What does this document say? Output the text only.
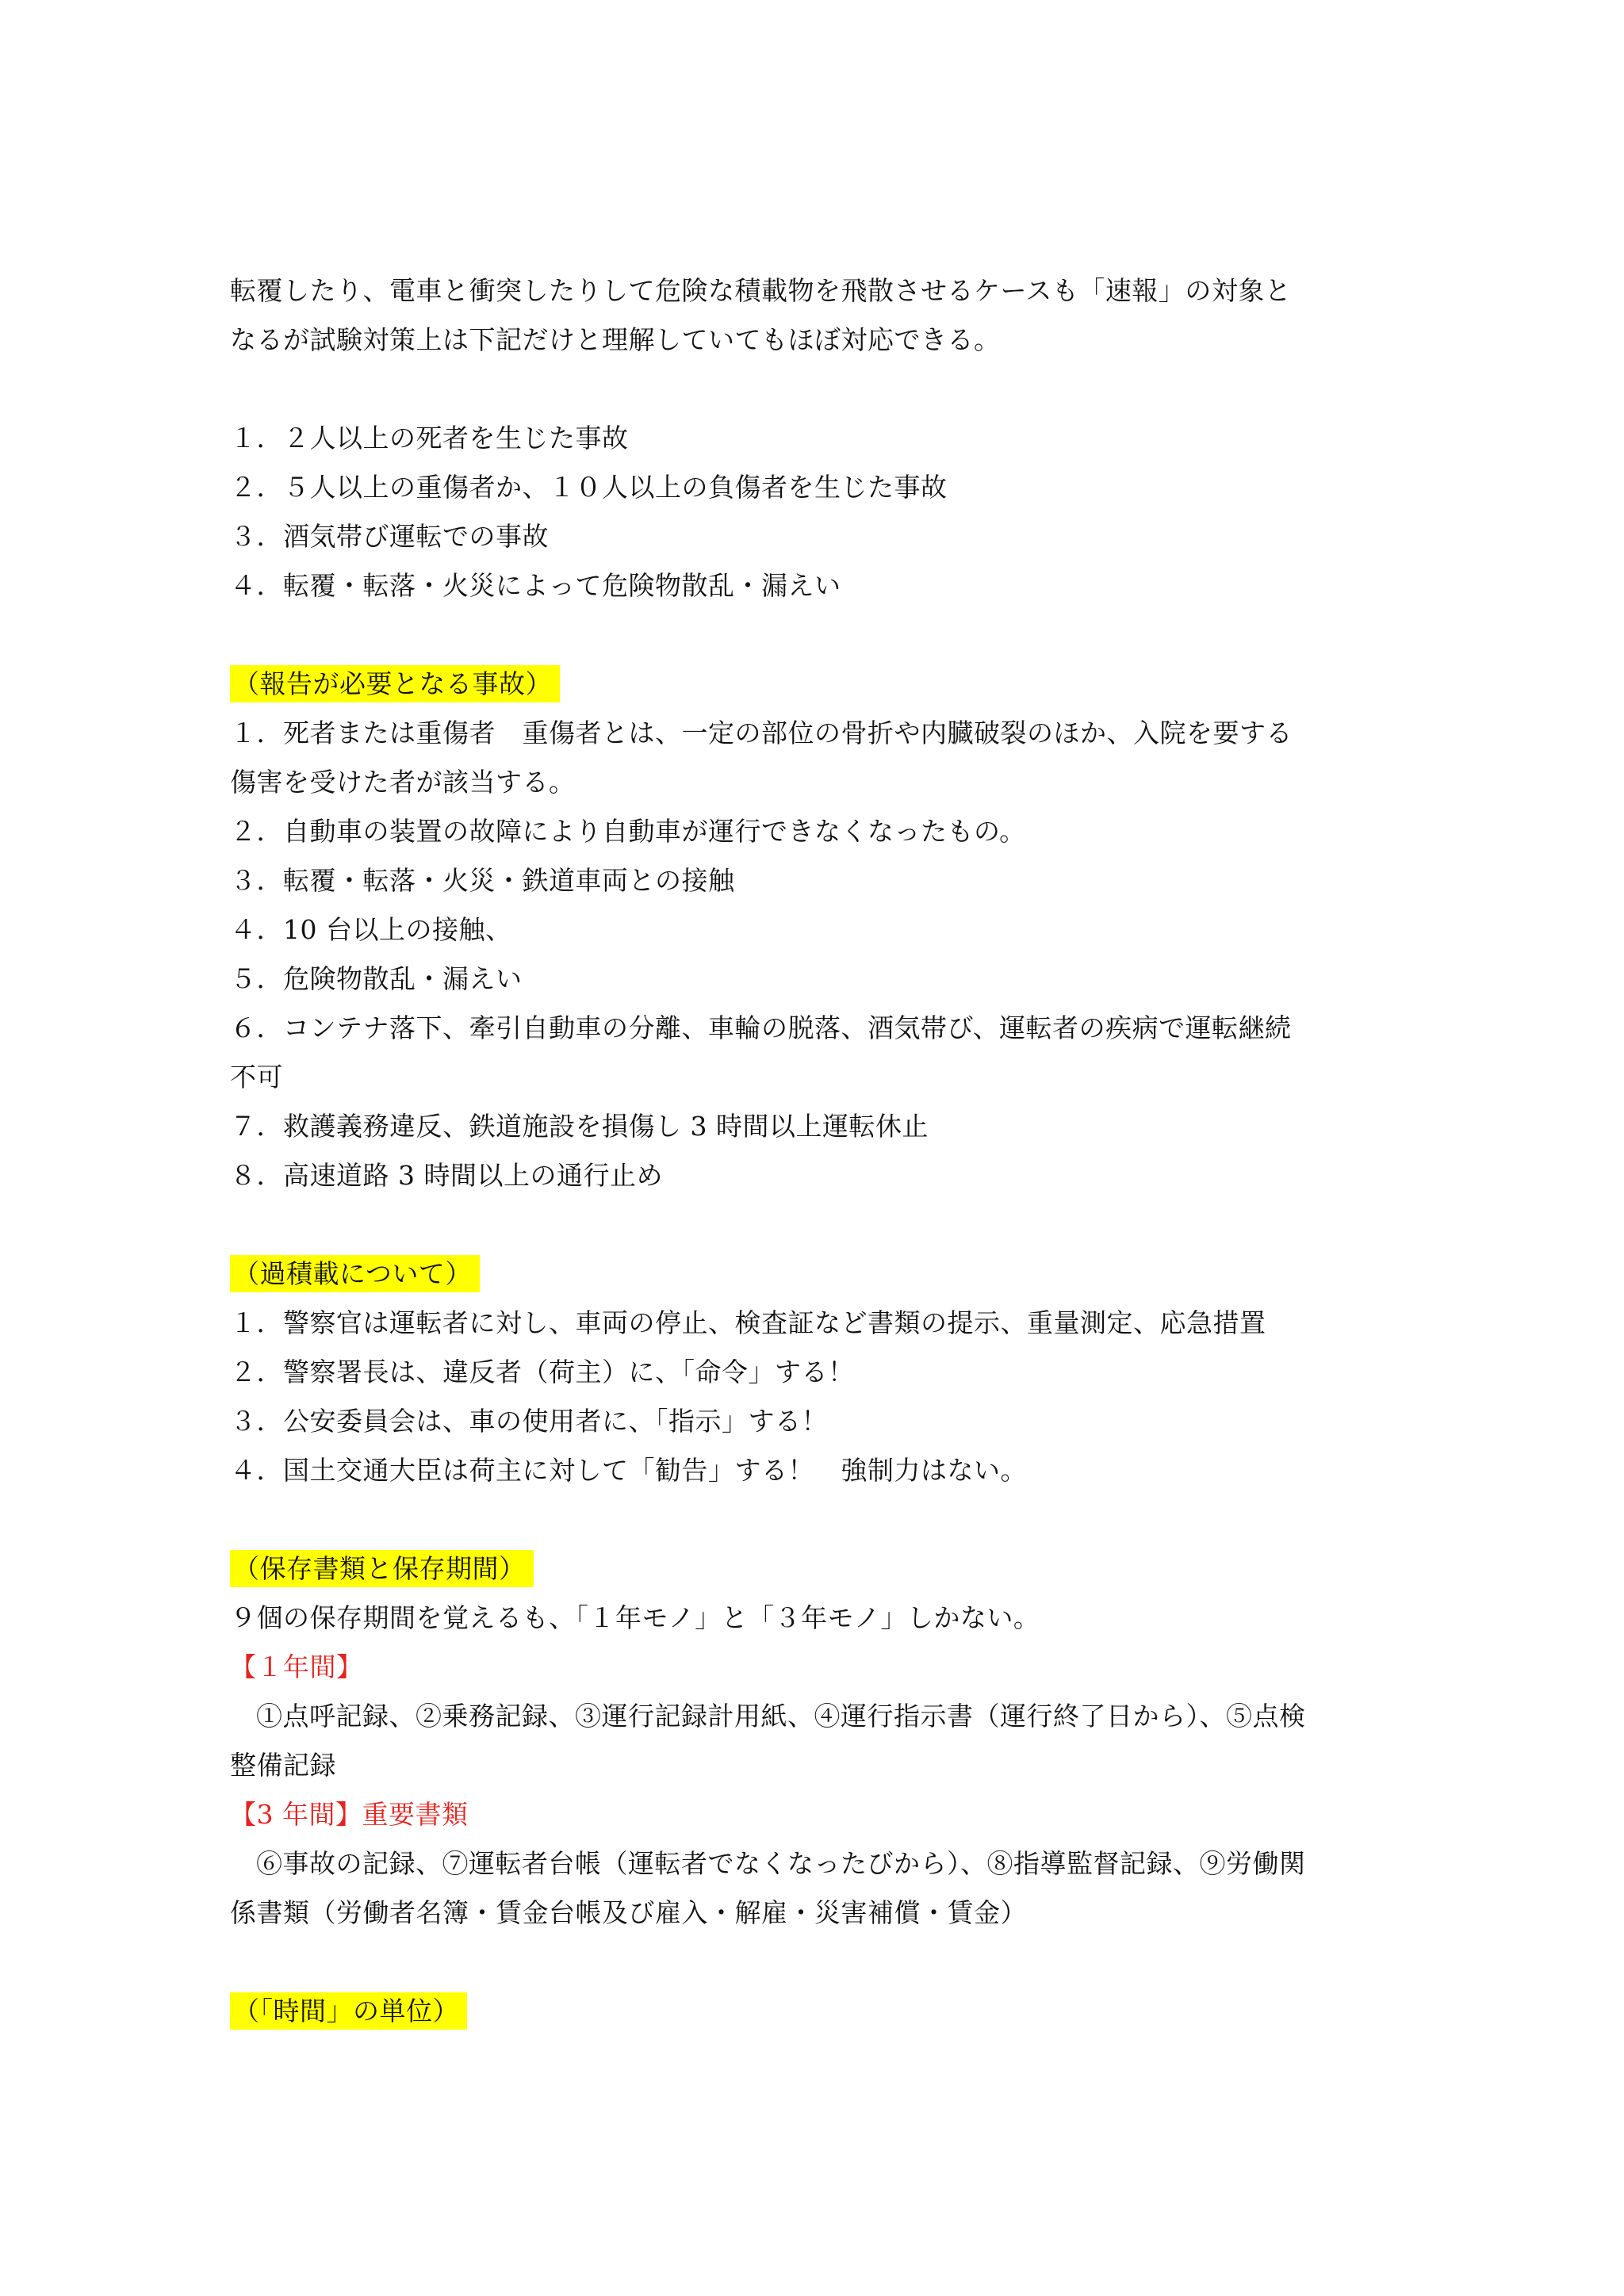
転覆したり、電車と衝突したりして危険な積載物を飛散させるケースも「速報」の対象と
なるが試験対策上は下記だけと理解していてもほぼ対応できる。
１．２人以上の死者を生じた事故
２．５人以上の重傷者か、１０人以上の負傷者を生じた事故
３．酒気帯び運転での事故
４．転覆・転落・火災によって危険物散乱・漏えい
（報告が必要となる事故）
１．死者または重傷者　重傷者とは、一定の部位の骨折や内臓破裂のほか、入院を要する
傷害を受けた者が該当する。
２．自動車の装置の故障により自動車が運行できなくなったもの。
３．転覆・転落・火災・鉄道車両との接触
４．10 台以上の接触、
５．危険物散乱・漏えい
６．コンテナ落下、牽引自動車の分離、車輪の脱落、酒気帯び、運転者の疾病で運転継続
不可
７．救護義務違反、鉄道施設を損傷し 3 時間以上運転休止
８．高速道路 3 時間以上の通行止め
（過積載について）
１．警察官は運転者に対し、車両の停止、検査証など書類の提示、重量測定、応急措置
２．警察署長は、違反者（荷主）に、「命令」する！
３．公安委員会は、車の使用者に、「指示」する！
４．国土交通大臣は荷主に対して「勧告」する！　強制力はない。
（保存書類と保存期間）
９個の保存期間を覚えるも、「１年モノ」と「３年モノ」しかない。
【１年間】
①点呼記録、②乗務記録、③運行記録計用紙、④運行指示書（運行終了日から）、⑤点検
整備記録
【3 年間】重要書類
⑥事故の記録、⑦運転者台帳（運転者でなくなったびから）、⑧指導監督記録、⑨労働関
係書類（労働者名簿・賃金台帳及び雇入・解雇・災害補償・賃金）
（「時間」の単位）
